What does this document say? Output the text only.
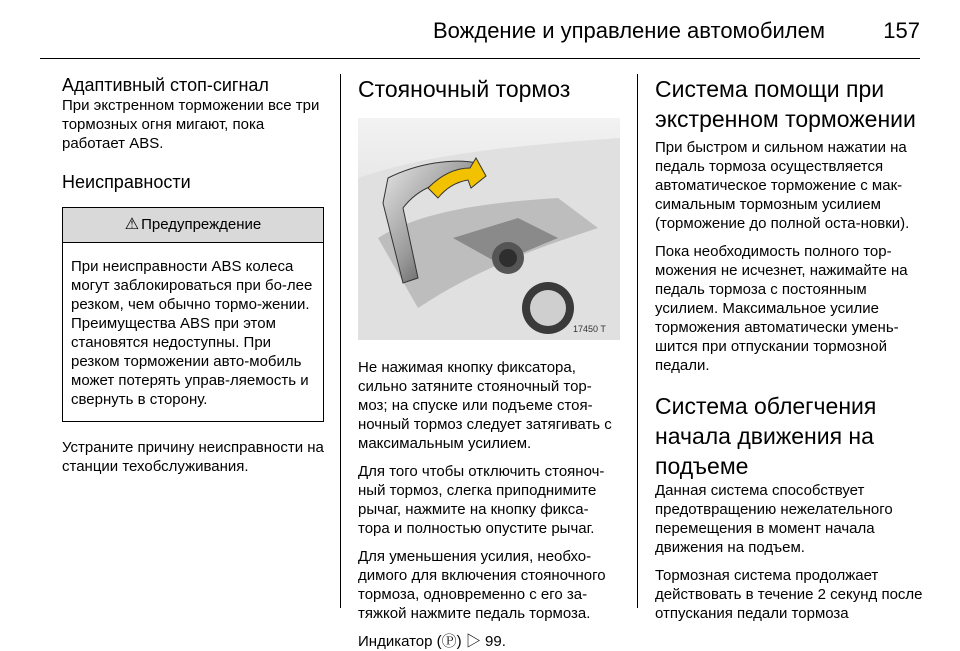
Вождение и управление автомобилем	157
Адаптивный стоп-сигнал

При экстренном торможении все три тормозных огня мигают, пока работает ABS.

Неисправности
⚠ Предупреждение

При неисправности ABS колеса могут заблокироваться при бо-лее резком, чем обычно тормо-жении. Преимущества ABS при этом становятся недоступны. При резком торможении авто-мобиль может потерять управ-ляемость и свернуть в сторону.

Устраните причину неисправности на станции техобслуживания.

Стояночный тормоз
17450 T

Не нажимая кнопку фиксатора, сильно затяните стояночный тор-моз; на спуске или подъеме стоя-ночный тормоз следует затягивать с максимальным усилием.

Для того чтобы отключить стояноч-ный тормоз, слегка приподнимите рычаг, нажмите на кнопку фикса-тора и полностью опустите рычаг.

Для уменьшения усилия, необхо-димого для включения стояночного тормоза, одновременно с его за-тяжкой нажмите педаль тормоза.

Индикатор (Ⓟ) ▷ 99.

Система помощи при экстренном торможении

При быстром и сильном нажатии на педаль тормоза осуществляется автоматическое торможение с мак-симальным тормозным усилием (торможение до полной оста-новки).

Пока необходимость полного тор-можения не исчезнет, нажимайте на педаль тормоза с постоянным усилием. Максимальное усилие торможения автоматически умень-шится при отпускании тормозной педали.

Система облегчения начала движения на подъеме

Данная система способствует предотвращению нежелательного перемещения в момент начала движения на подъем.

Тормозная система продолжает действовать в течение 2 секунд после отпускания педали тормоза
